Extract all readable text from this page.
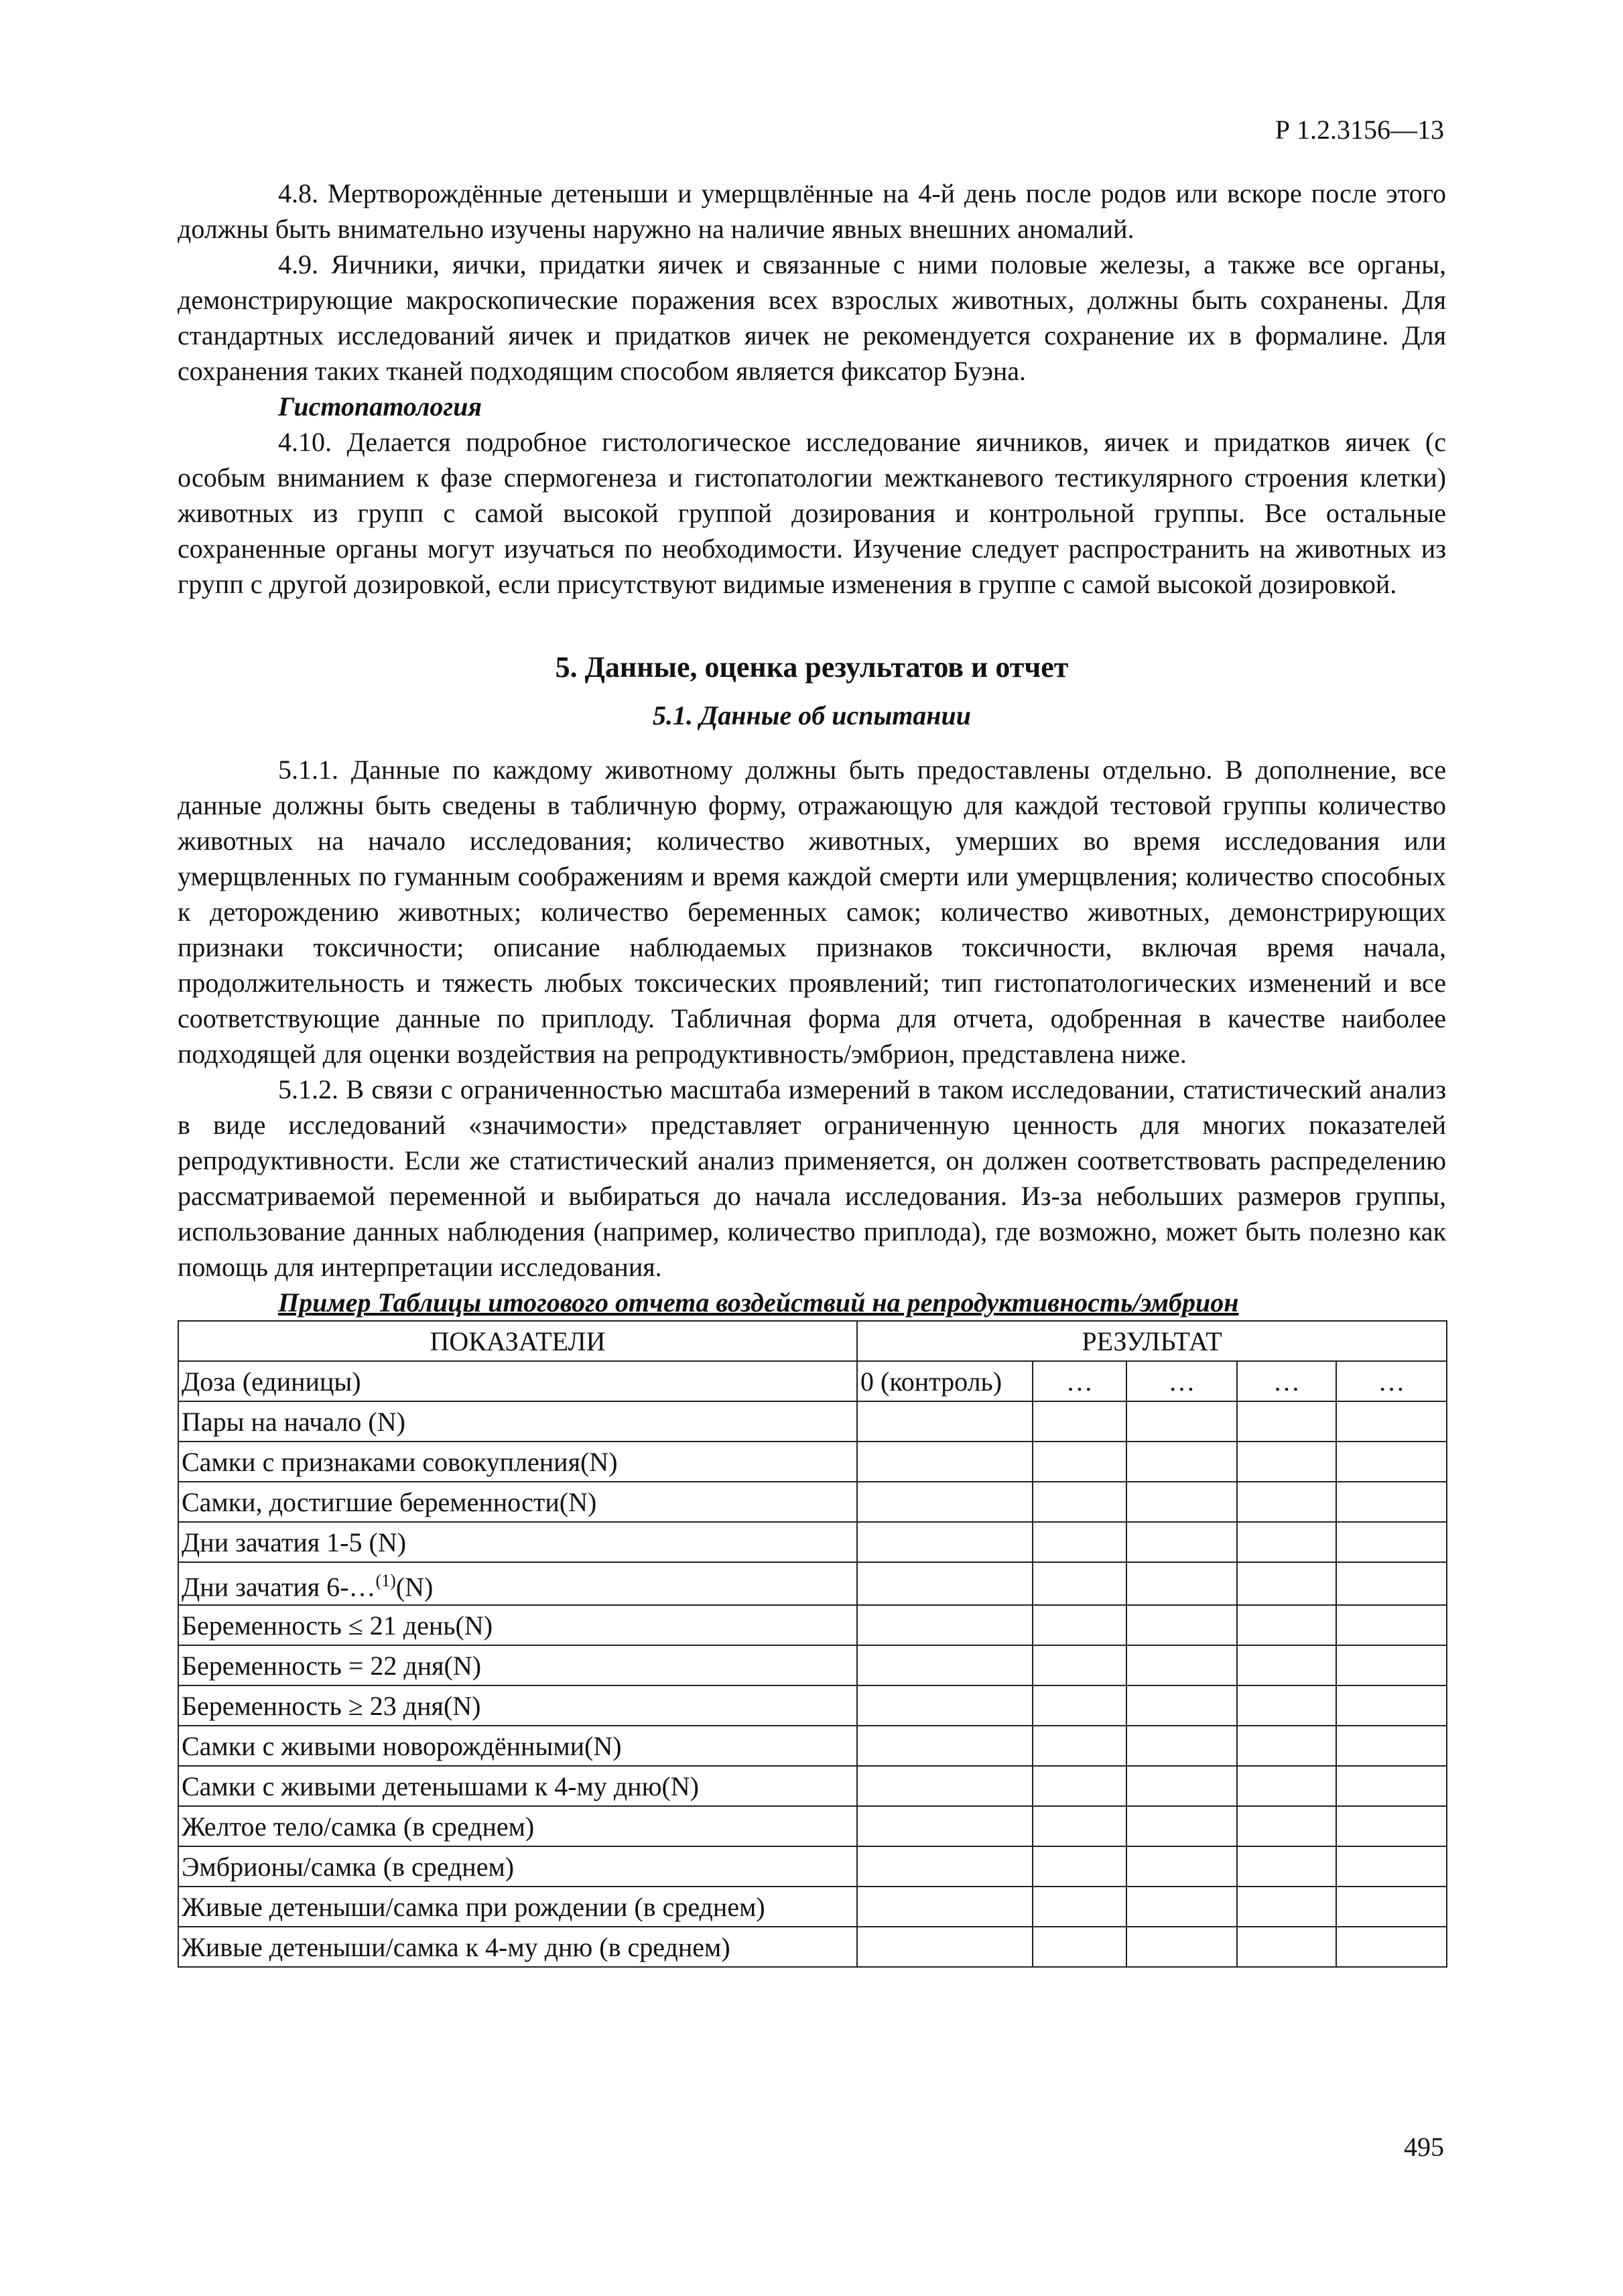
Р 1.2.3156—13

4.8. Мертворождённые детеныши и умерщвлённые на 4-й день после родов или вскоре после этого должны быть внимательно изучены наружно на наличие явных внешних аномалий.

4.9. Яичники, яички, придатки яичек и связанные с ними половые железы, а также все органы, демонстрирующие макроскопические поражения всех взрослых животных, должны быть сохранены. Для стандартных исследований яичек и придатков яичек не рекомендуется сохранение их в формалине. Для сохранения таких тканей подходящим способом является фиксатор Буэна.

Гистопатология

4.10. Делается подробное гистологическое исследование яичников, яичек и придатков яичек (с особым вниманием к фазе спермогенеза и гистопатологии межтканевого тестикулярного строения клетки) животных из групп с самой высокой группой дозирования и контрольной группы. Все остальные сохраненные органы могут изучаться по необходимости. Изучение следует распространить на животных из групп с другой дозировкой, если присутствуют видимые изменения в группе с самой высокой дозировкой.

5. Данные, оценка результатов и отчет
5.1. Данные об испытании

5.1.1. Данные по каждому животному должны быть предоставлены отдельно. В дополнение, все данные должны быть сведены в табличную форму, отражающую для каждой тестовой группы количество животных на начало исследования; количество животных, умерших во время исследования или умерщвленных по гуманным соображениям и время каждой смерти или умерщвления; количество способных к деторождению животных; количество беременных самок; количество животных, демонстрирующих признаки токсичности; описание наблюдаемых признаков токсичности, включая время начала, продолжительность и тяжесть любых токсических проявлений; тип гистопатологических изменений и все соответствующие данные по приплоду. Табличная форма для отчета, одобренная в качестве наиболее подходящей для оценки воздействия на репродуктивность/эмбрион, представлена ниже.

5.1.2. В связи с ограниченностью масштаба измерений в таком исследовании, статистический анализ в виде исследований «значимости» представляет ограниченную ценность для многих показателей репродуктивности. Если же статистический анализ применяется, он должен соответствовать распределению рассматриваемой переменной и выбираться до начала исследования. Из-за небольших размеров группы, использование данных наблюдения (например, количество приплода), где возможно, может быть полезно как помощь для интерпретации исследования.

Пример Таблицы итогового отчета воздействий на репродуктивность/эмбрион
ПОКАЗАТЕЛИ	РЕЗУЛЬТАТ				
Доза (единицы)	0 (контроль)	…	…	…	…
Пары на начало (N)					
Самки с признаками совокупления(N)					
Самки, достигшие беременности(N)					
Дни зачатия 1-5 (N)					
Дни зачатия 6-…$^{(1)}$(N)					
Беременность ≤ 21 день(N)					
Беременность = 22 дня(N)					
Беременность ≥ 23 дня(N)					
Самки с живыми новорождёнными(N)					
Самки с живыми детенышами к 4-му дню(N)					
Желтое тело/самка (в среднем)					
Эмбрионы/самка (в среднем)					
Живые детеныши/самка при рождении (в среднем)					
Живые детеныши/самка к 4-му дню (в среднем)					
495
